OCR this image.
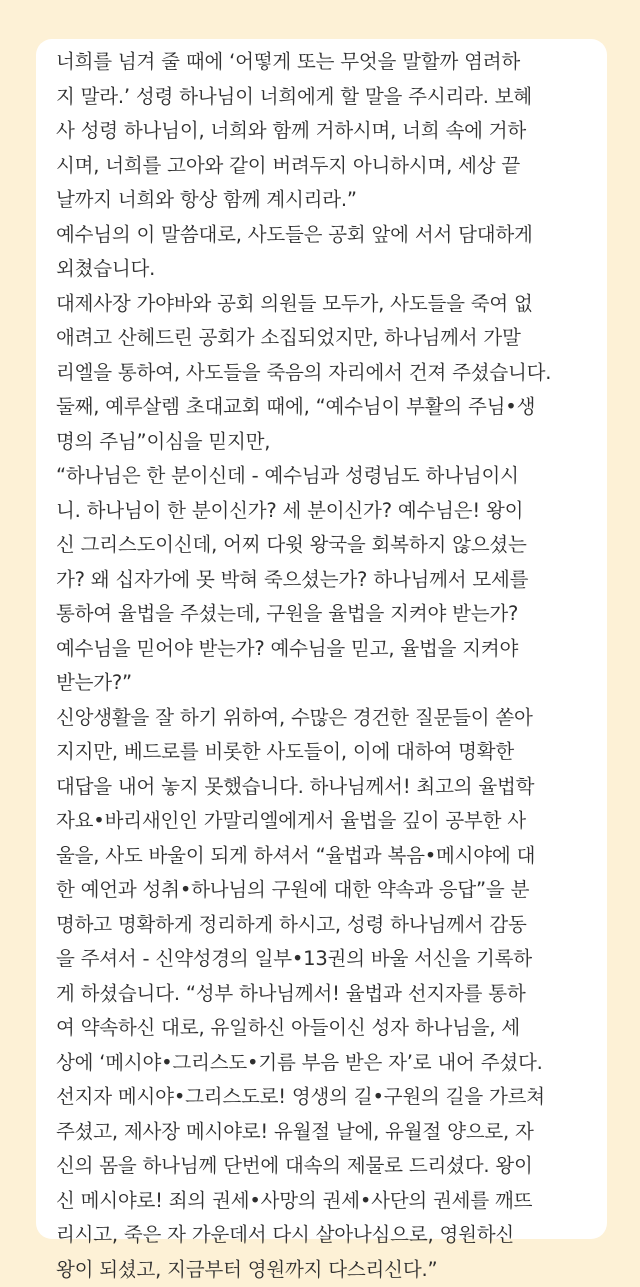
너희를 넘겨 줄 때에 ‘어떻게 또는 무엇을 말할까 염려하
지 말라.’ 성령 하나님이 너희에게 할 말을 주시리라. 보혜
사 성령 하나님이, 너희와 함께 거하시며, 너희 속에 거하
시며, 너희를 고아와 같이 버려두지 아니하시며, 세상 끝
날까지 너희와 항상 함께 계시리라.”
예수님의 이 말씀대로, 사도들은 공회 앞에 서서 담대하게
외쳤습니다.
대제사장 가야바와 공회 의원들 모두가, 사도들을 죽여 없
애려고 산헤드린 공회가 소집되었지만, 하나님께서 가말
리엘을 통하여, 사도들을 죽음의 자리에서 건져 주셨습니다.
둘째, 예루살렘 초대교회 때에, “예수님이 부활의 주님•생
명의 주님”이심을 믿지만,
“하나님은 한 분이신데 - 예수님과 성령님도 하나님이시
니. 하나님이 한 분이신가? 세 분이신가? 예수님은! 왕이
신 그리스도이신데, 어찌 다윗 왕국을 회복하지 않으셨는
가? 왜 십자가에 못 박혀 죽으셨는가? 하나님께서 모세를
통하여 율법을 주셨는데, 구원을 율법을 지켜야 받는가?
예수님을 믿어야 받는가? 예수님을 믿고, 율법을 지켜야
받는가?”
신앙생활을 잘 하기 위하여, 수많은 경건한 질문들이 쏟아
지지만, 베드로를 비롯한 사도들이, 이에 대하여 명확한
대답을 내어 놓지 못했습니다. 하나님께서! 최고의 율법학
자요•바리새인인 가말리엘에게서 율법을 깊이 공부한 사
울을, 사도 바울이 되게 하셔서 “율법과 복음•메시야에 대
한 예언과 성취•하나님의 구원에 대한 약속과 응답”을 분
명하고 명확하게 정리하게 하시고, 성령 하나님께서 감동
을 주셔서 - 신약성경의 일부•13권의 바울 서신을 기록하
게 하셨습니다. “성부 하나님께서! 율법과 선지자를 통하
여 약속하신 대로, 유일하신 아들이신 성자 하나님을, 세
상에 ‘메시야•그리스도•기름 부음 받은 자’로 내어 주셨다.
선지자 메시야•그리스도로! 영생의 길•구원의 길을 가르쳐
주셨고, 제사장 메시야로! 유월절 날에, 유월절 양으로, 자
신의 몸을 하나님께 단번에 대속의 제물로 드리셨다. 왕이
신 메시야로! 죄의 권세•사망의 권세•사단의 권세를 깨뜨
리시고, 죽은 자 가운데서 다시 살아나심으로, 영원하신
왕이 되셨고, 지금부터 영원까지 다스리신다.”
